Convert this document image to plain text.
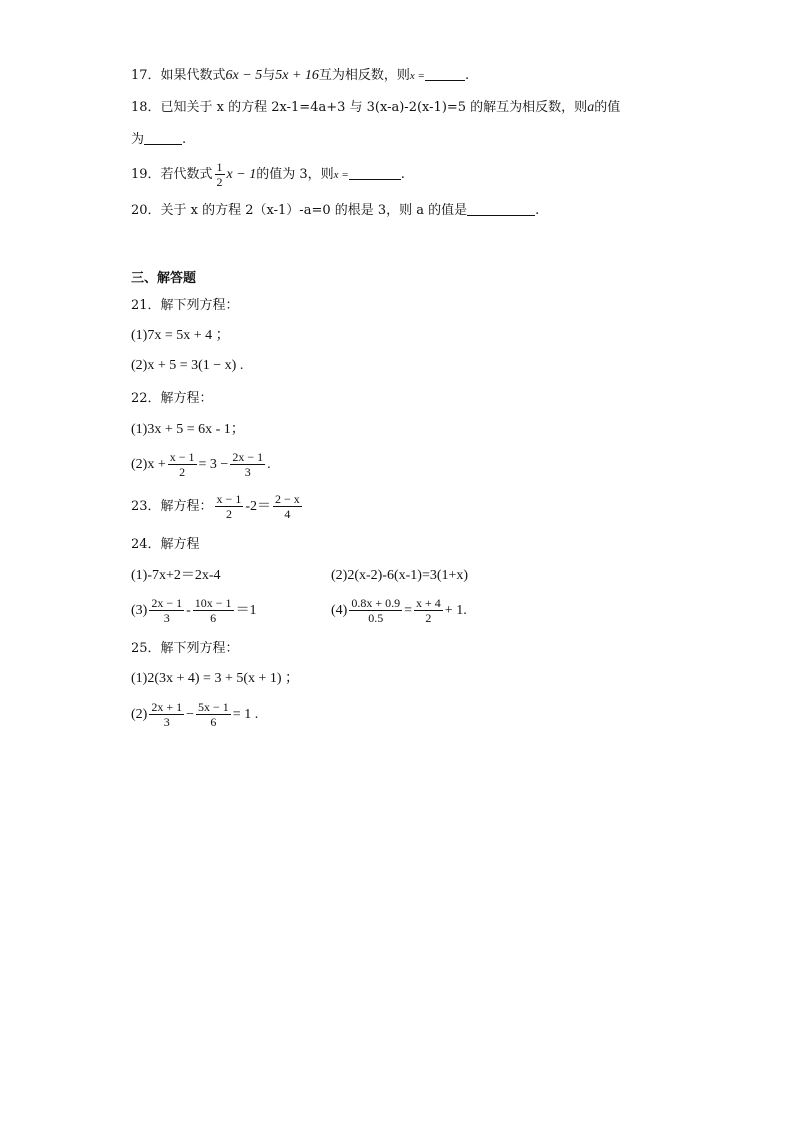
17．如果代数式6x − 5与5x + 16互为相反数，则x =	.
18．已知关于 x 的方程 2x-1=4a+3 与 3(x-a)-2(x-1)=5 的解互为相反数，则a的值
为	.
19．若代数式 $\frac{1}{2}$ x − 1的值为 3，则x =	.
20．关于 x 的方程 2（x-1）-a=0 的根是 3，则 a 的值是	.
三、解答题
21．解下列方程：
(1)7x = 5x + 4 ；
(2)x + 5 = 3(1 − x) .
22．解方程：
(1)3x + 5 = 6x - 1；
$(2)x + \frac{x - 1}{2} = 3 - \frac{2x - 1}{3}$ .
23．解方程： $\frac{x - 1}{2} -2= \frac{2 - x}{4}$
24．解方程
(1)-7x+2＝2x-4	(2)2(x-2)-6(x-1)=3(1+x)
$(3) \frac{2x - 1}{3} - \frac{10x - 1}{6} =1$	$(4) \frac{0.8x + 0.9}{0.5} = \frac{x + 4}{2} + 1$.
25．解下列方程：
(1)2(3x + 4) = 3 + 5(x + 1) ；
$(2) \frac{2x + 1}{3} - \frac{5x - 1}{6} = 1$ .
